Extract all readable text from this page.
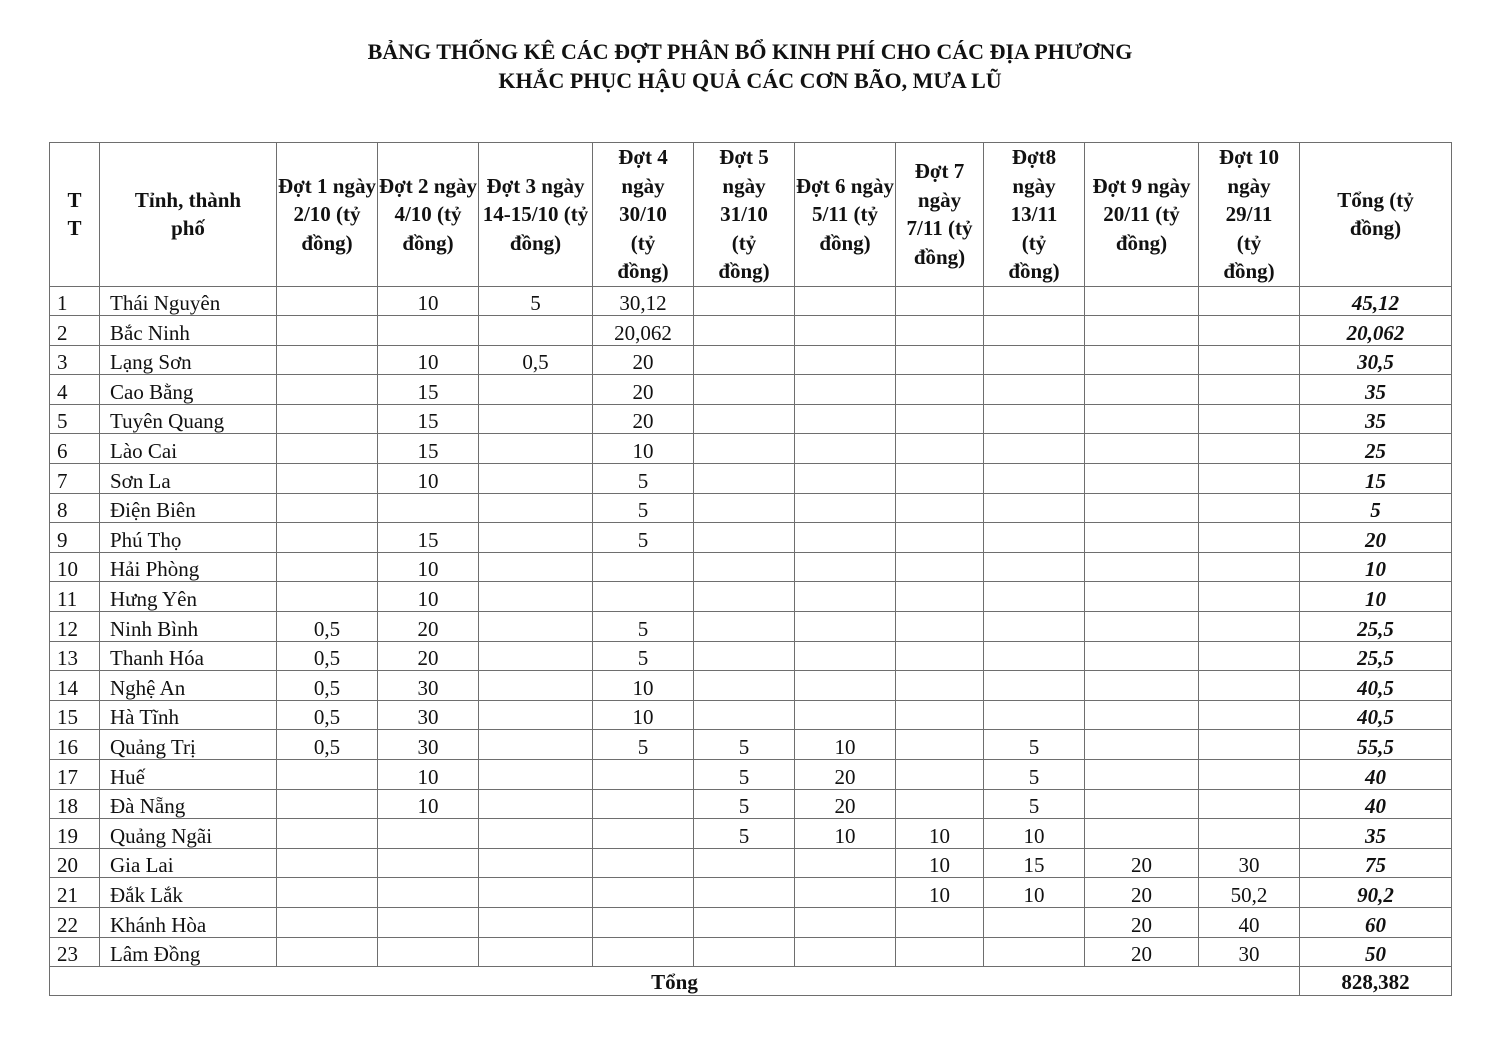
BẢNG THỐNG KÊ CÁC ĐỢT PHÂN BỔ KINH PHÍ CHO CÁC ĐỊA PHƯƠNG
KHẮC PHỤC HẬU QUẢ CÁC CƠN BÃO, MƯA LŨ
T T	Tỉnh, thành phố	Đợt 1 ngày 2/10 (tỷ đồng)	Đợt 2 ngày 4/10 (tỷ đồng)	Đợt 3 ngày 14-15/10 (tỷ đồng)	Đợt 4 ngày 30/10 (tỷ đồng)	Đợt 5 ngày 31/10 (tỷ đồng)	Đợt 6 ngày 5/11 (tỷ đồng)	Đợt 7 ngày 7/11 (tỷ đồng)	Đợt8 ngày 13/11 (tỷ đồng)	Đợt 9 ngày 20/11 (tỷ đồng)	Đợt 10 ngày 29/11 (tỷ đồng)	Tổng (tỷ đồng)
1	Thái Nguyên		10	5	30,12							45,12
2	Bắc Ninh				20,062							20,062
3	Lạng Sơn		10	0,5	20							30,5
4	Cao Bằng		15		20							35
5	Tuyên Quang		15		20							35
6	Lào Cai		15		10							25
7	Sơn La		10		5							15
8	Điện Biên				5							5
9	Phú Thọ		15		5							20
10	Hải Phòng		10									10
11	Hưng Yên		10									10
12	Ninh Bình	0,5	20		5							25,5
13	Thanh Hóa	0,5	20		5							25,5
14	Nghệ An	0,5	30		10							40,5
15	Hà Tĩnh	0,5	30		10							40,5
16	Quảng Trị	0,5	30		5	5	10		5			55,5
17	Huế		10			5	20		5			40
18	Đà Nẵng		10			5	20		5			40
19	Quảng Ngãi					5	10	10	10			35
20	Gia Lai							10	15	20	30	75
21	Đắk Lắk							10	10	20	50,2	90,2
22	Khánh Hòa									20	40	60
23	Lâm Đồng									20	30	50
Tổng												828,382
